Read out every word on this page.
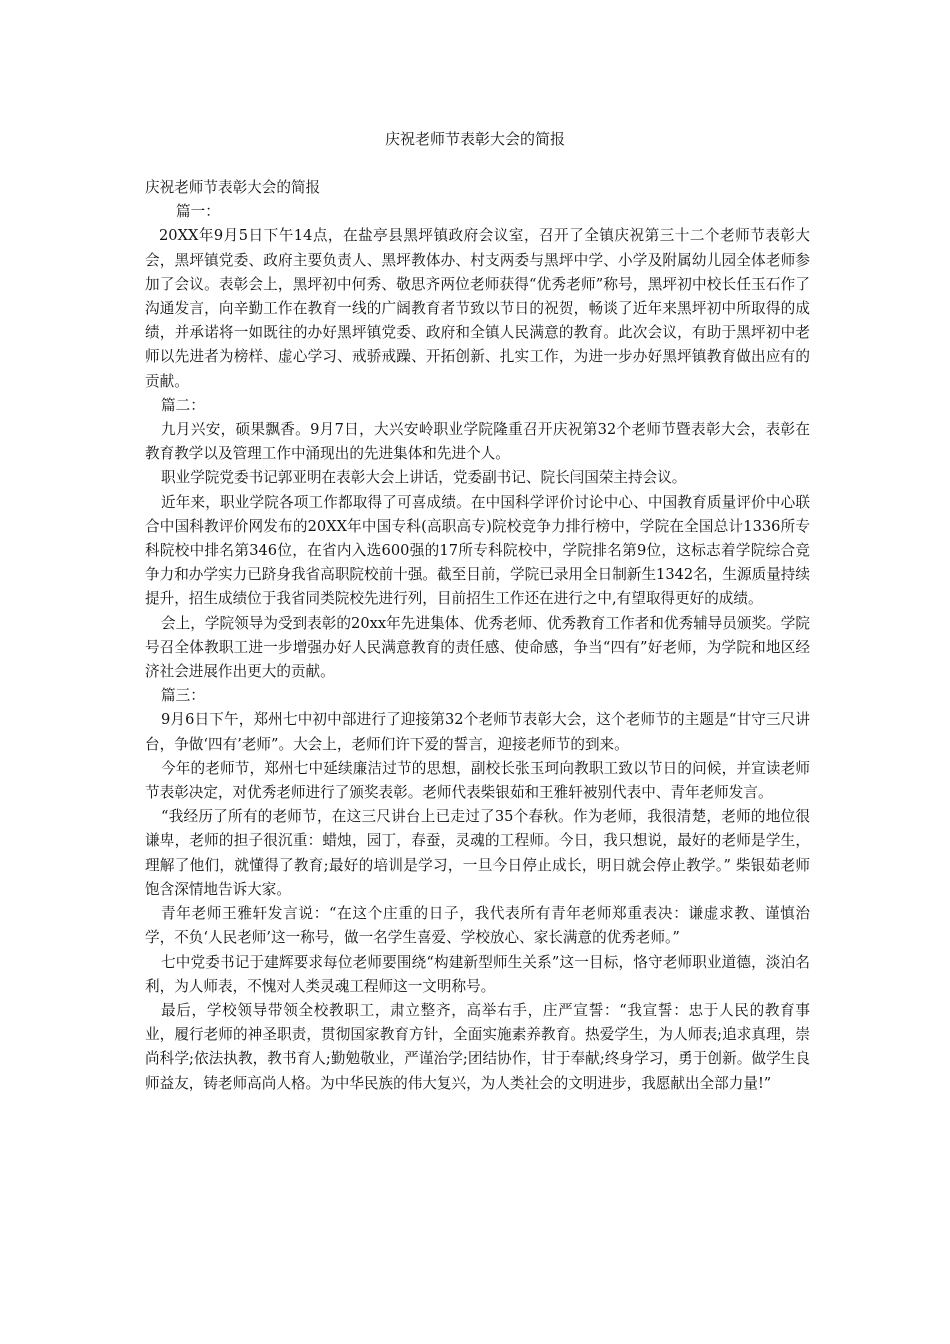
庆祝老师节表彰大会的简报

庆祝老师节表彰大会的简报

篇一：

20XX年9月5日下午14点，在盐亭县黑坪镇政府会议室，召开了全镇庆祝第三十二个老师节表彰大会，黑坪镇党委、政府主要负责人、黑坪教体办、村支两委与黑坪中学、小学及附属幼儿园全体老师参加了会议。表彰会上，黑坪初中何秀、敬思齐两位老师获得“优秀老师”称号，黑坪初中校长任玉石作了沟通发言，向辛勤工作在教育一线的广阔教育者节致以节日的祝贺，畅谈了近年来黑坪初中所取得的成绩，并承诺将一如既往的办好黑坪镇党委、政府和全镇人民满意的教育。此次会议，有助于黑坪初中老师以先进者为榜样、虚心学习、戒骄戒躁、开拓创新、扎实工作，为进一步办好黑坪镇教育做出应有的贡献。

篇二：

九月兴安，硕果飘香。9月7日，大兴安岭职业学院隆重召开庆祝第32个老师节暨表彰大会，表彰在教育教学以及管理工作中涌现出的先进集体和先进个人。

职业学院党委书记郭亚明在表彰大会上讲话，党委副书记、院长闫国荣主持会议。

近年来，职业学院各项工作都取得了可喜成绩。在中国科学评价讨论中心、中国教育质量评价中心联合中国科教评价网发布的20XX年中国专科(高职高专)院校竞争力排行榜中，学院在全国总计1336所专科院校中排名第346位，在省内入选600强的17所专科院校中，学院排名第9位，这标志着学院综合竞争力和办学实力已跻身我省高职院校前十强。截至目前，学院已录用全日制新生1342名，生源质量持续提升，招生成绩位于我省同类院校先进行列，目前招生工作还在进行之中,有望取得更好的成绩。

会上，学院领导为受到表彰的20xx年先进集体、优秀老师、优秀教育工作者和优秀辅导员颁奖。学院号召全体教职工进一步增强办好人民满意教育的责任感、使命感，争当“四有”好老师，为学院和地区经济社会进展作出更大的贡献。

篇三：

9月6日下午，郑州七中初中部进行了迎接第32个老师节表彰大会，这个老师节的主题是“甘守三尺讲台，争做‘四有’老师”。大会上，老师们许下爱的誓言，迎接老师节的到来。

今年的老师节，郑州七中延续廉洁过节的思想，副校长张玉珂向教职工致以节日的问候，并宣读老师节表彰决定，对优秀老师进行了颁奖表彰。老师代表柴银茹和王雅轩被别代表中、青年老师发言。

“我经历了所有的老师节，在这三尺讲台上已走过了35个春秋。作为老师，我很清楚，老师的地位很谦卑，老师的担子很沉重：蜡烛，园丁，春蚕，灵魂的工程师。今日，我只想说，最好的老师是学生，理解了他们，就懂得了教育;最好的培训是学习，一旦今日停止成长，明日就会停止教学。” 柴银茹老师饱含深情地告诉大家。

青年老师王雅轩发言说：“在这个庄重的日子，我代表所有青年老师郑重表决：谦虚求教、谨慎治学，不负‘人民老师’这一称号，做一名学生喜爱、学校放心、家长满意的优秀老师。”

七中党委书记于建辉要求每位老师要围绕“构建新型师生关系”这一目标，恪守老师职业道德，淡泊名利，为人师表，不愧对人类灵魂工程师这一文明称号。

最后，学校领导带领全校教职工，肃立整齐，高举右手，庄严宣誓：“我宣誓：忠于人民的教育事业，履行老师的神圣职责，贯彻国家教育方针，全面实施素养教育。热爱学生，为人师表;追求真理，崇尚科学;依法执教，教书育人;勤勉敬业，严谨治学;团结协作，甘于奉献;终身学习，勇于创新。做学生良师益友，铸老师高尚人格。为中华民族的伟大复兴，为人类社会的文明进步，我愿献出全部力量!”
